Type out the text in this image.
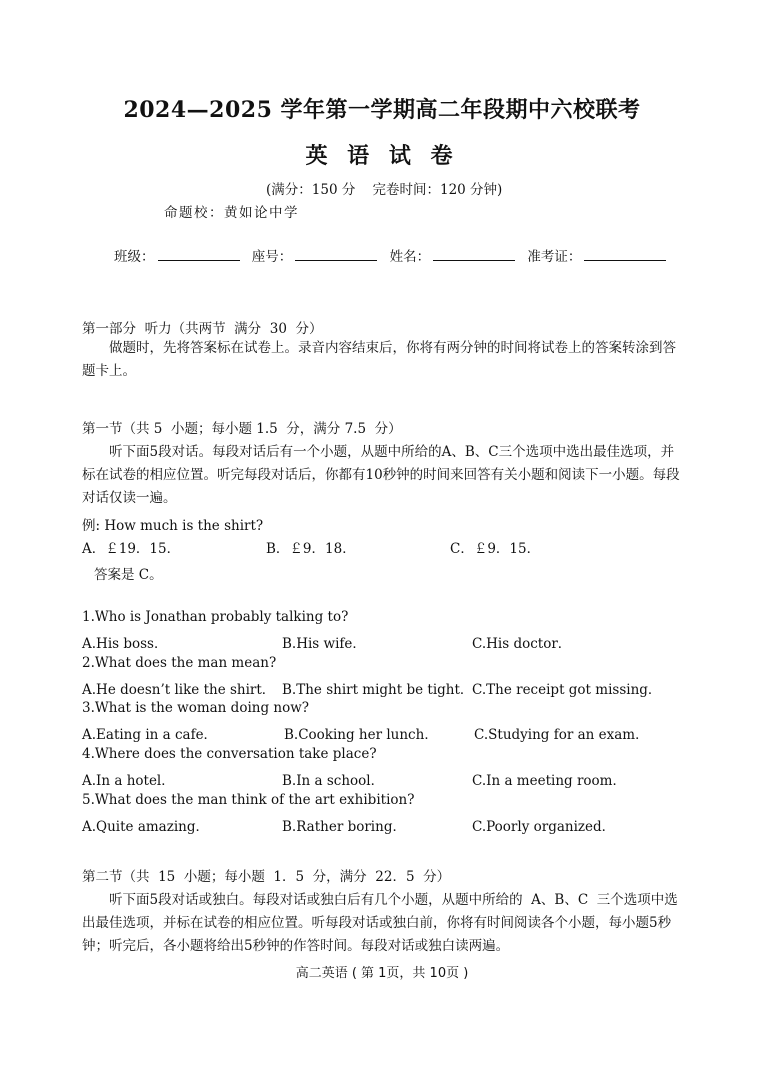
2024—2025 学年第一学期高二年段期中六校联考
英 语 试 卷
(满分：150 分    完卷时间：120 分钟)
命题校：黄如论中学
班级：	座号：	姓名：	准考证：
第一部分  听力（共两节  满分  30  分）
做题时，先将答案标在试卷上。录音内容结束后，你将有两分钟的时间将试卷上的答案转涂到答题卡上。
第一节（共 5  小题；每小题 1.5  分，满分 7.5  分）
听下面5段对话。每段对话后有一个小题，从题中所给的A、B、C三个选项中选出最佳选项，并标在试卷的相应位置。听完每段对话后，你都有10秒钟的时间来回答有关小题和阅读下一小题。每段对话仅读一遍。
例: How much is the shirt?
A．￡19．15．	B．￡9．18．	C．￡9．15．
答案是 C。
1.Who is Jonathan probably talking to?
A.His boss．	B.His wife．	C.His doctor．
2.What does the man mean?
A.He doesn’t like the shirt． B.The shirt might be tight．
C.The receipt got missing．
3.What is the woman doing now?
A.Eating in a cafe．	B.Cooking her lunch．	C.Studying for an exam．
4.Where does the conversation take place?
A.In a hotel．	B.In a school．	C.In a meeting room．
5.What does the man think of the art exhibition?
A.Quite amazing．	B.Rather boring．	C.Poorly organized．
第二节（共  15  小题；每小题  1．5  分，满分  22．5  分）
听下面5段对话或独白。每段对话或独白后有几个小题，从题中所给的  A、B、C  三个选项中选出最佳选项，并标在试卷的相应位置。听每段对话或独白前，你将有时间阅读各个小题，每小题5秒钟；听完后，各小题将给出5秒钟的作答时间。每段对话或独白读两遍。
高二英语 ( 第 1页，共 10页 )
